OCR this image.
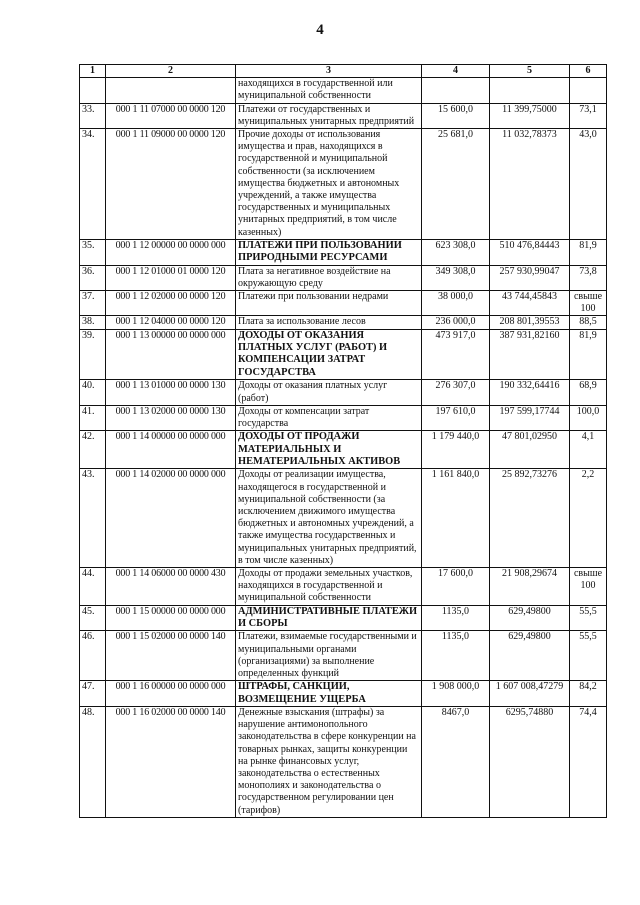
4
1	2	3	4	5	6
		находящихся в государственной или муниципальной собственности			
33.	000 1 11 07000 00 0000 120	Платежи от государственных и муниципальных унитарных предприятий	15 600,0	11 399,75000	73,1
34.	000 1 11 09000 00 0000 120	Прочие доходы от использования имущества и прав, находящихся в государственной и муниципальной собственности (за исключением имущества бюджетных и автономных учреждений, а также имущества государственных и муниципальных унитарных предприятий, в том числе казенных)	25 681,0	11 032,78373	43,0
35.	000 1 12 00000 00 0000 000	ПЛАТЕЖИ ПРИ ПОЛЬЗОВАНИИ ПРИРОДНЫМИ РЕСУРСАМИ	623 308,0	510 476,84443	81,9
36.	000 1 12 01000 01 0000 120	Плата за негативное воздействие на окружающую среду	349 308,0	257 930,99047	73,8
37.	000 1 12 02000 00 0000 120	Платежи при пользовании недрами	38 000,0	43 744,45843	свыше 100
38.	000 1 12 04000 00 0000 120	Плата за использование лесов	236 000,0	208 801,39553	88,5
39.	000 1 13 00000 00 0000 000	ДОХОДЫ ОТ ОКАЗАНИЯ ПЛАТНЫХ УСЛУГ (РАБОТ) И КОМПЕНСАЦИИ ЗАТРАТ ГОСУДАРСТВА	473 917,0	387 931,82160	81,9
40.	000 1 13 01000 00 0000 130	Доходы от оказания платных услуг (работ)	276 307,0	190 332,64416	68,9
41.	000 1 13 02000 00 0000 130	Доходы от компенсации затрат государства	197 610,0	197 599,17744	100,0
42.	000 1 14 00000 00 0000 000	ДОХОДЫ ОТ ПРОДАЖИ МАТЕРИАЛЬНЫХ И НЕМАТЕРИАЛЬНЫХ АКТИВОВ	1 179 440,0	47 801,02950	4,1
43.	000 1 14 02000 00 0000 000	Доходы от реализации имущества, находящегося в государственной и муниципальной собственности (за исключением движимого имущества бюджетных и автономных учреждений, а также имущества государственных и муниципальных унитарных предприятий, в том числе казенных)	1 161 840,0	25 892,73276	2,2
44.	000 1 14 06000 00 0000 430	Доходы от продажи земельных участков, находящихся в государственной и муниципальной собственности	17 600,0	21 908,29674	свыше 100
45.	000 1 15 00000 00 0000 000	АДМИНИСТРАТИВНЫЕ ПЛАТЕЖИ И СБОРЫ	1135,0	629,49800	55,5
46.	000 1 15 02000 00 0000 140	Платежи, взимаемые государственными и муниципальными органами (организациями) за выполнение определенных функций	1135,0	629,49800	55,5
47.	000 1 16 00000 00 0000 000	ШТРАФЫ, САНКЦИИ, ВОЗМЕЩЕНИЕ УЩЕРБА	1 908 000,0	1 607 008,47279	84,2
48.	000 1 16 02000 00 0000 140	Денежные взыскания (штрафы) за нарушение антимонопольного законодательства в сфере конкуренции на товарных рынках, защиты конкуренции на рынке финансовых услуг, законодательства о естественных монополиях и законодательства о государственном регулировании цен (тарифов)	8467,0	6295,74880	74,4
